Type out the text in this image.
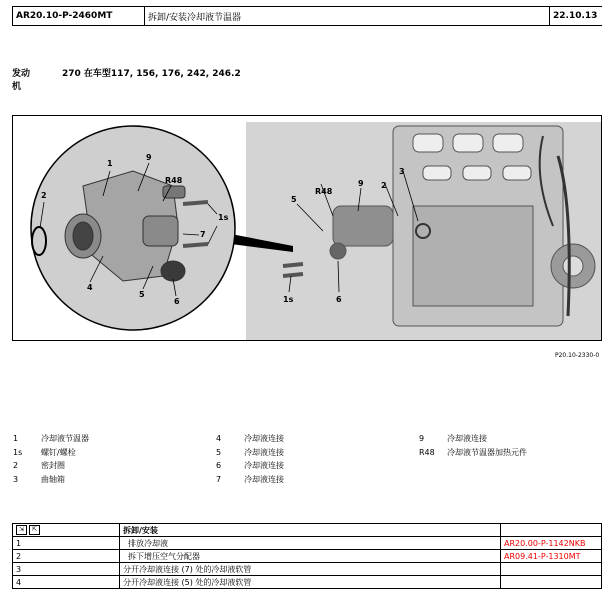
AR20.10-P-2460MT	拆卸/安装冷却液节温器	22.10.13
发动	270 在车型117, 156, 176, 242, 246.2
机
1
9
R48
2
1s
7
4
5
6
R48
9 2
3
5
1s	6
P20.10-2330-0
1	冷却液节温器
1s	螺钉/螺栓
2	密封圈
3	曲轴箱
4	冷却液连接
5	冷却液连接
6	冷却液连接
7	冷却液连接
9	冷却液连接
R48	冷却液节温器加热元件
⇲ ⇱	拆卸/安装	
1	排放冷却液	AR20.00-P-1142NKB
2	拆下增压空气分配器	AR09.41-P-1310MT
3	分开冷却液连接 (7) 处的冷却液软管	
4	分开冷却液连接 (5) 处的冷却液软管	
